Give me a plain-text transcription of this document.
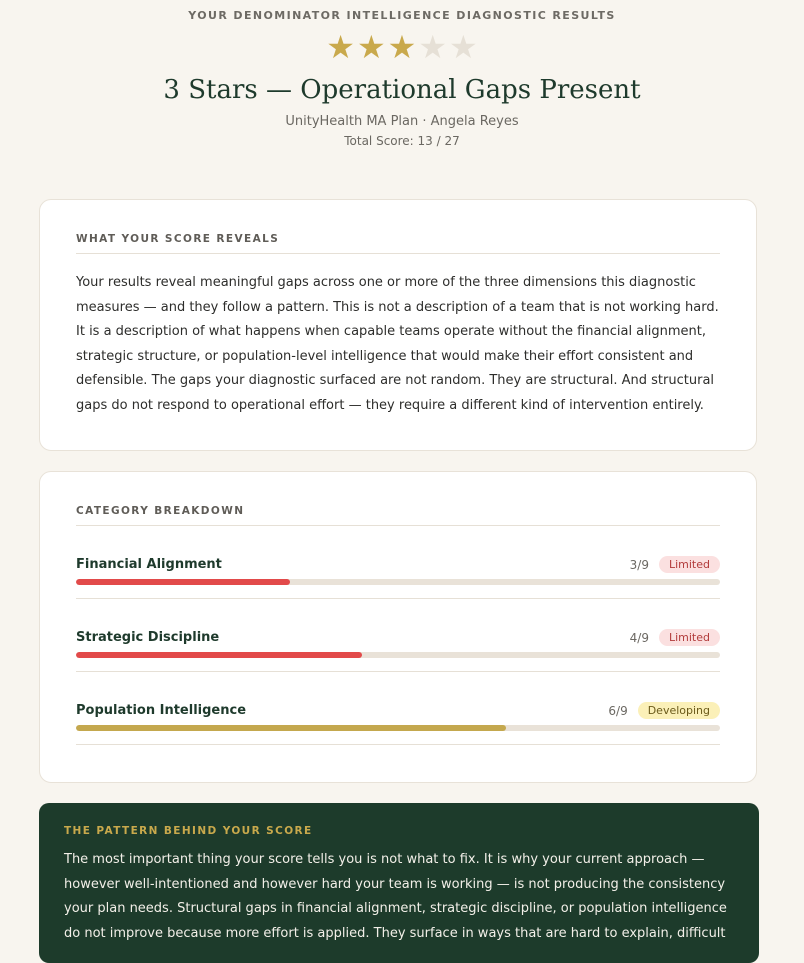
YOUR DENOMINATOR INTELLIGENCE DIAGNOSTIC RESULTS
★★★★★
3 Stars — Operational Gaps Present
UnityHealth MA Plan · Angela Reyes
Total Score: 13 / 27
WHAT YOUR SCORE REVEALS
Your results reveal meaningful gaps across one or more of the three dimensions this diagnostic measures — and they follow a pattern. This is not a description of a team that is not working hard. It is a description of what happens when capable teams operate without the financial alignment, strategic structure, or population-level intelligence that would make their effort consistent and defensible. The gaps your diagnostic surfaced are not random. They are structural. And structural gaps do not respond to operational effort — they require a different kind of intervention entirely.
CATEGORY BREAKDOWN
Financial Alignment	3/9	Limited
Strategic Discipline	4/9	Limited
Population Intelligence	6/9	Developing
THE PATTERN BEHIND YOUR SCORE
The most important thing your score tells you is not what to fix. It is why your current approach — however well-intentioned and however hard your team is working — is not producing the consistency your plan needs. Structural gaps in financial alignment, strategic discipline, or population intelligence do not improve because more effort is applied. They surface in ways that are hard to explain, difficult
